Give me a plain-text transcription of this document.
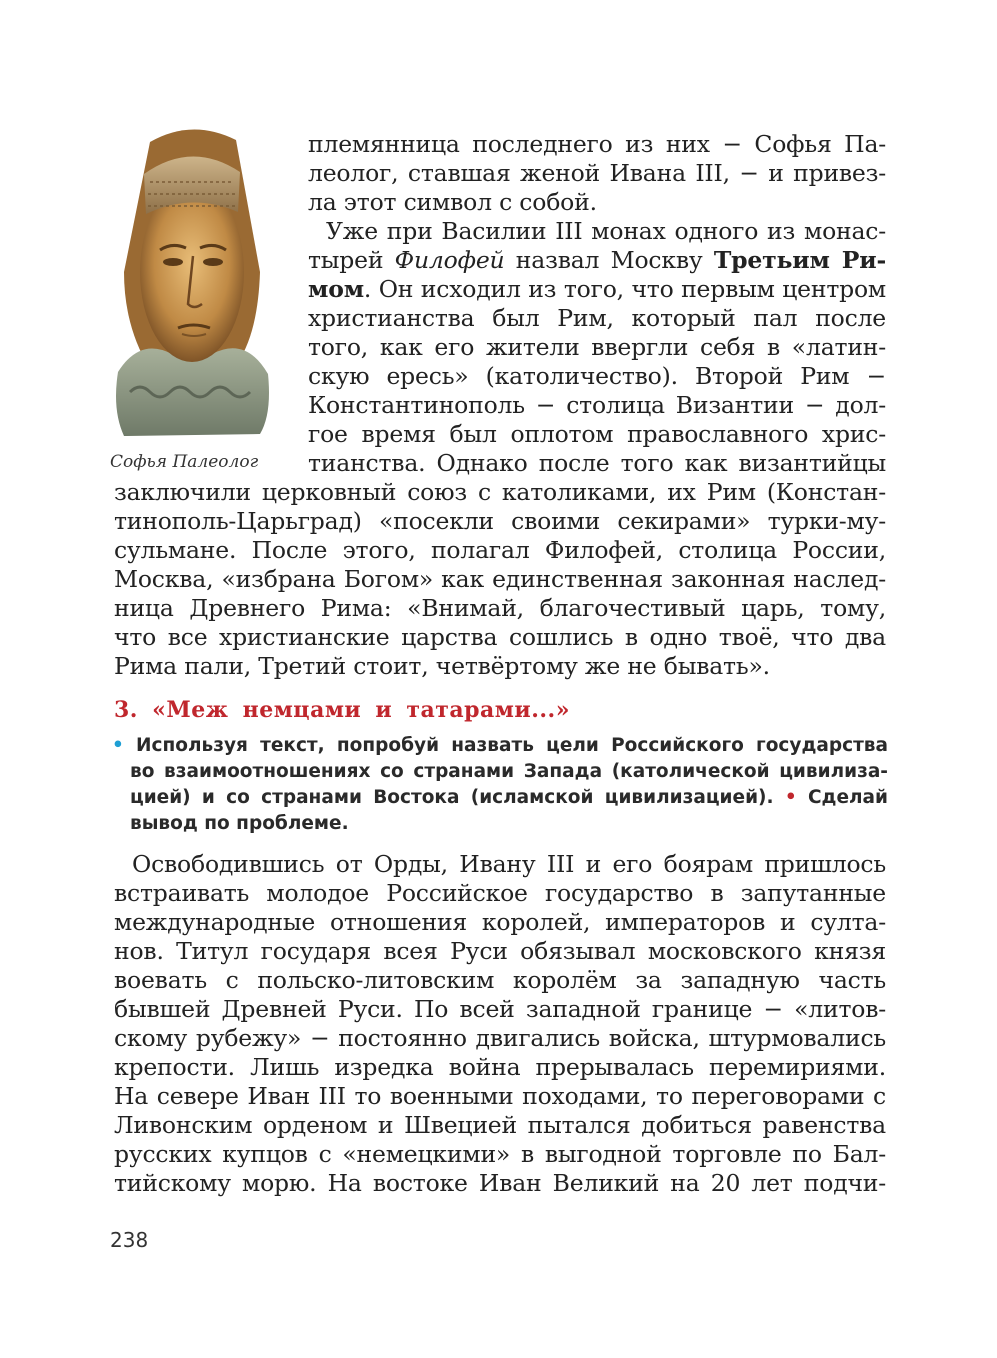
Софья Палеолог
племянница последнего из них − Софья Па-
леолог, ставшая женой Ивана III, − и привез-
ла этот символ с собой.
Уже при Василии III монах одного из монас-
тырей Филофей назвал Москву Третьим Ри-
мом. Он исходил из того, что первым центром
христианства был Рим, который пал после
того, как его жители ввергли себя в «латин-
скую ересь» (католичество). Второй Рим −
Константинополь − столица Византии − дол-
гое время был оплотом православного хрис-
тианства. Однако после того как византийцы
заключили церковный союз с католиками, их Рим (Констан-
тинополь-Царьград) «посекли своими секирами» турки-му-
сульмане. После этого, полагал Филофей, столица России,
Москва, «избрана Богом» как единственная законная наслед-
ница Древнего Рима: «Внимай, благочестивый царь, тому,
что все христианские царства сошлись в одно твоё, что два
Рима пали, Третий стоит, четвёртому же не бывать».
3. «Меж немцами и татарами...»
• Используя текст, попробуй назвать цели Российского государства
во взаимоотношениях со странами Запада (католической цивилиза-
цией) и со странами Востока (исламской цивилизацией). • Сделай
вывод по проблеме.
Освободившись от Орды, Ивану III и его боярам пришлось
встраивать молодое Российское государство в запутанные
международные отношения королей, императоров и султа-
нов. Титул государя всея Руси обязывал московского князя
воевать с польско-литовским королём за западную часть
бывшей Древней Руси. По всей западной границе − «литов-
скому рубежу» − постоянно двигались войска, штурмовались
крепости. Лишь изредка война прерывалась перемириями.
На севере Иван III то военными походами, то переговорами с
Ливонским орденом и Швецией пытался добиться равенства
русских купцов с «немецкими» в выгодной торговле по Бал-
тийскому морю. На востоке Иван Великий на 20 лет подчи-
238
